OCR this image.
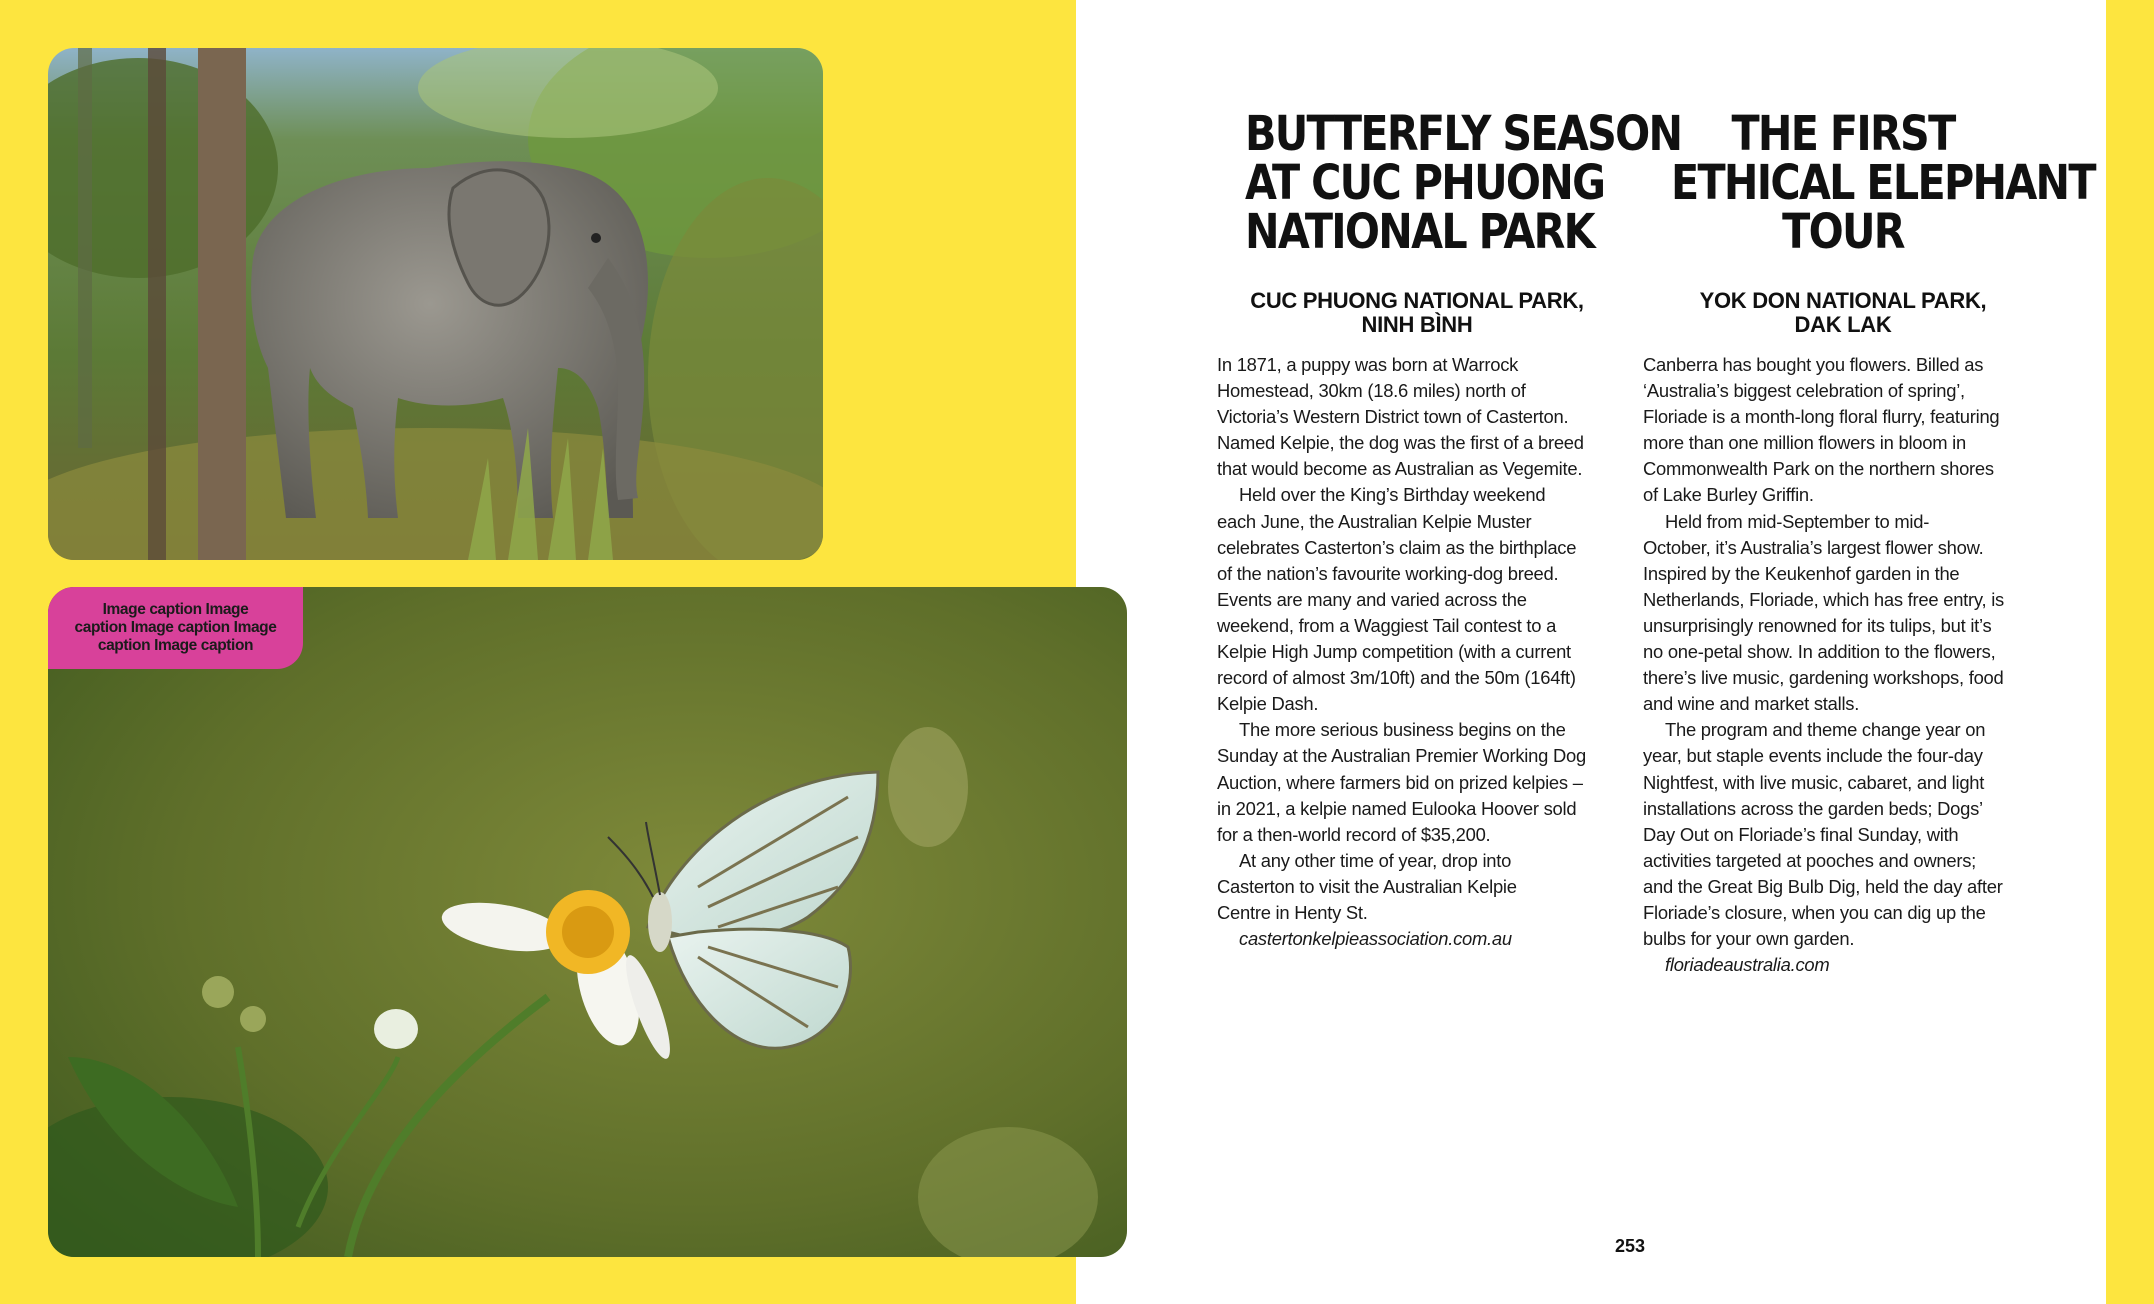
Image caption Image
caption Image caption Image
caption Image caption
BUTTERFLY SEASON
AT CUC PHUONG
NATIONAL PARK
CUC PHUONG NATIONAL PARK,
NINH BÌNH
In 1871, a puppy was born at Warrock
Homestead, 30km (18.6 miles) north of
Victoria’s Western District town of Casterton.
Named Kelpie, the dog was the first of a breed
that would become as Australian as Vegemite.
Held over the King’s Birthday weekend
each June, the Australian Kelpie Muster
celebrates Casterton’s claim as the birthplace
of the nation’s favourite working-dog breed.
Events are many and varied across the
weekend, from a Waggiest Tail contest to a
Kelpie High Jump competition (with a current
record of almost 3m/10ft) and the 50m (164ft)
Kelpie Dash.
The more serious business begins on the
Sunday at the Australian Premier Working Dog
Auction, where farmers bid on prized kelpies –
in 2021, a kelpie named Eulooka Hoover sold
for a then-world record of $35,200.
At any other time of year, drop into
Casterton to visit the Australian Kelpie
Centre in Henty St.
castertonkelpieassociation.com.au
THE FIRST
ETHICAL ELEPHANT
TOUR
YOK DON NATIONAL PARK,
DAK LAK
Canberra has bought you flowers. Billed as
‘Australia’s biggest celebration of spring’,
Floriade is a month-long floral flurry, featuring
more than one million flowers in bloom in
Commonwealth Park on the northern shores
of Lake Burley Griffin.
Held from mid-September to mid-
October, it’s Australia’s largest flower show.
Inspired by the Keukenhof garden in the
Netherlands, Floriade, which has free entry, is
unsurprisingly renowned for its tulips, but it’s
no one-petal show. In addition to the flowers,
there’s live music, gardening workshops, food
and wine and market stalls.
The program and theme change year on
year, but staple events include the four-day
Nightfest, with live music, cabaret, and light
installations across the garden beds; Dogs’
Day Out on Floriade’s final Sunday, with
activities targeted at pooches and owners;
and the Great Big Bulb Dig, held the day after
Floriade’s closure, when you can dig up the
bulbs for your own garden.
floriadeaustralia.com
253
